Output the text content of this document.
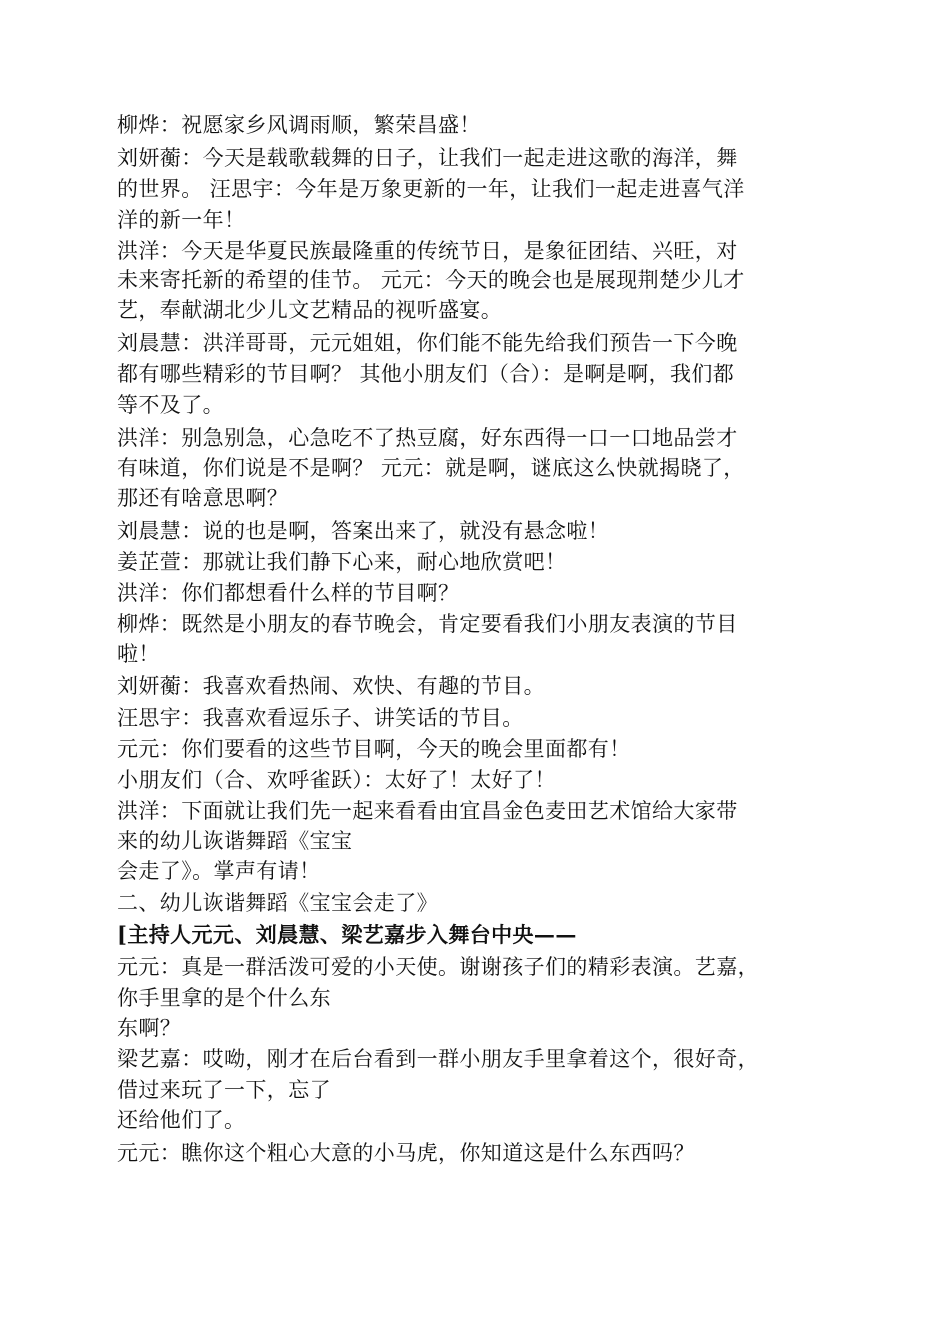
柳烨：祝愿家乡风调雨顺，繁荣昌盛！
刘妍蘅：今天是载歌载舞的日子，让我们一起走进这歌的海洋，舞
的世界。 汪思宇：今年是万象更新的一年，让我们一起走进喜气洋
洋的新一年！
洪洋：今天是华夏民族最隆重的传统节日，是象征团结、兴旺，对
未来寄托新的希望的佳节。 元元：今天的晚会也是展现荆楚少儿才
艺，奉献湖北少儿文艺精品的视听盛宴。
刘晨慧：洪洋哥哥，元元姐姐，你们能不能先给我们预告一下今晚
都有哪些精彩的节目啊？ 其他小朋友们（合）：是啊是啊，我们都
等不及了。
洪洋：别急别急，心急吃不了热豆腐，好东西得一口一口地品尝才
有味道，你们说是不是啊？ 元元：就是啊，谜底这么快就揭晓了，
那还有啥意思啊？
刘晨慧：说的也是啊，答案出来了，就没有悬念啦！
姜芷萱：那就让我们静下心来，耐心地欣赏吧！
洪洋：你们都想看什么样的节目啊？
柳烨：既然是小朋友的春节晚会，肯定要看我们小朋友表演的节目
啦！
刘妍蘅：我喜欢看热闹、欢快、有趣的节目。
汪思宇：我喜欢看逗乐子、讲笑话的节目。
元元：你们要看的这些节目啊，今天的晚会里面都有！
小朋友们（合、欢呼雀跃）：太好了！太好了！
洪洋：下面就让我们先一起来看看由宜昌金色麦田艺术馆给大家带
来的幼儿诙谐舞蹈《宝宝
会走了》。掌声有请！
二、幼儿诙谐舞蹈《宝宝会走了》
[主持人元元、刘晨慧、梁艺嘉步入舞台中央——
元元：真是一群活泼可爱的小天使。谢谢孩子们的精彩表演。艺嘉，
你手里拿的是个什么东
东啊？
梁艺嘉：哎呦，刚才在后台看到一群小朋友手里拿着这个，很好奇，
借过来玩了一下，忘了
还给他们了。
元元：瞧你这个粗心大意的小马虎，你知道这是什么东西吗？
